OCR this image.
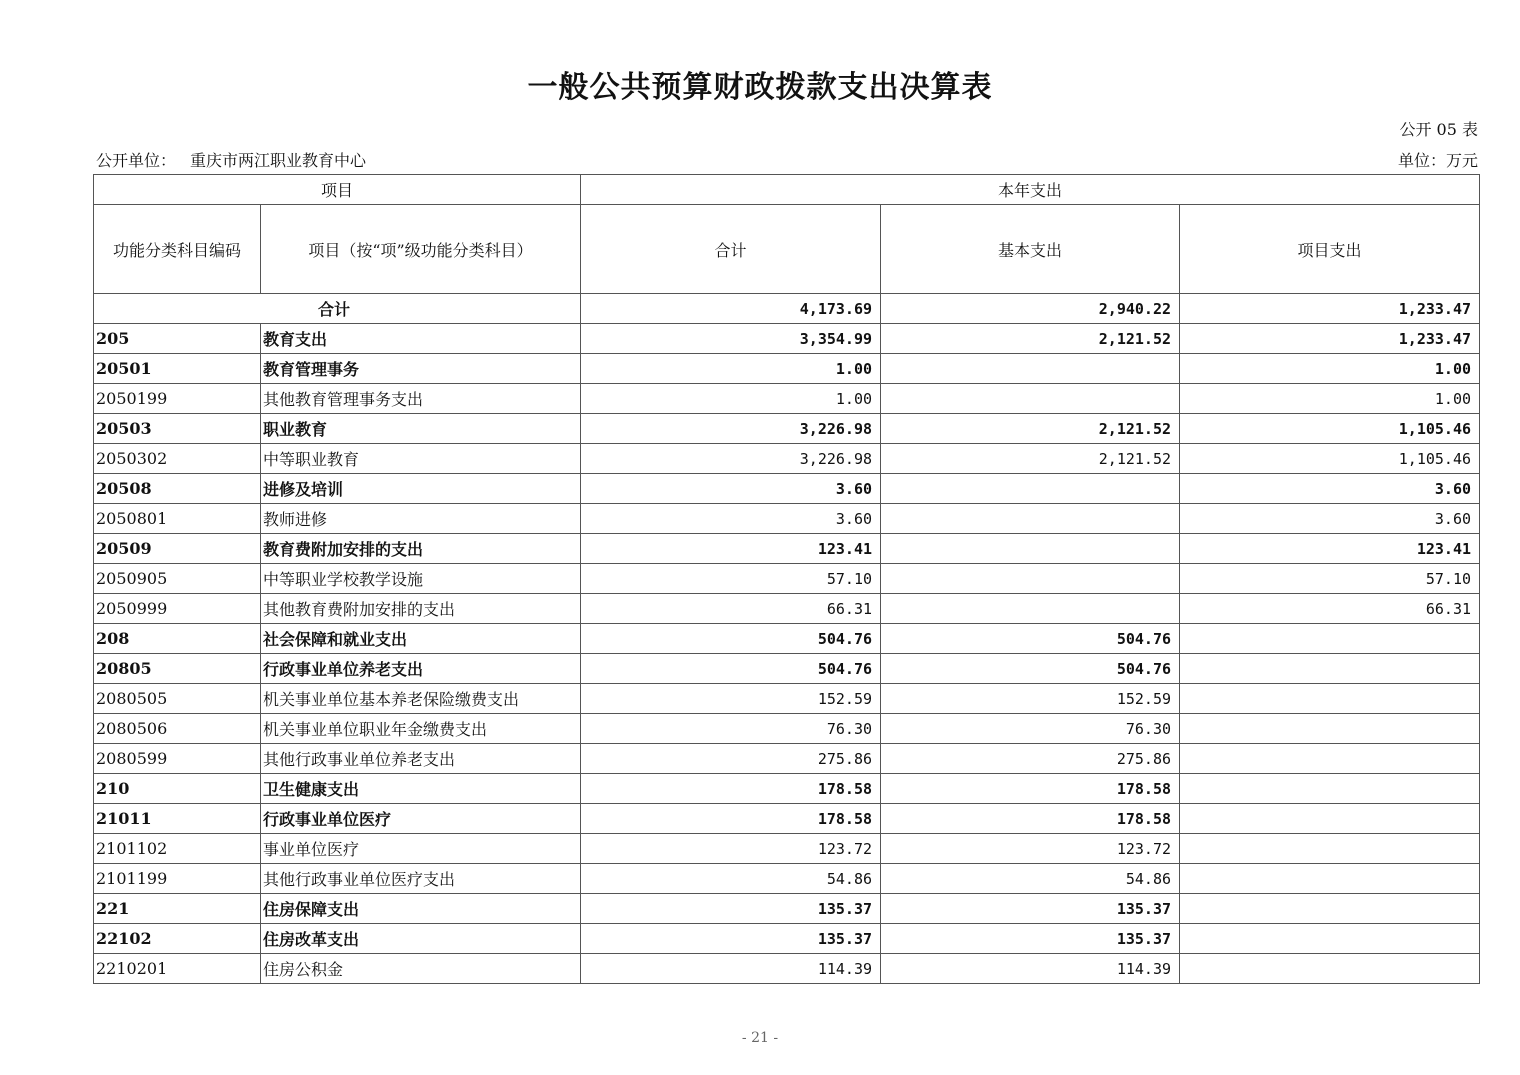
一般公共预算财政拨款支出决算表
公开 05 表
公开单位： 重庆市两江职业教育中心	单位：万元
项目		本年支出		
功能分类科目编码	项目（按“项”级功能分类科目）	合计	基本支出	项目支出
合计		4,173.69	2,940.22	1,233.47
205	教育支出	3,354.99	2,121.52	1,233.47
20501	教育管理事务	1.00		1.00
2050199	其他教育管理事务支出	1.00		1.00
20503	职业教育	3,226.98	2,121.52	1,105.46
2050302	中等职业教育	3,226.98	2,121.52	1,105.46
20508	进修及培训	3.60		3.60
2050801	教师进修	3.60		3.60
20509	教育费附加安排的支出	123.41		123.41
2050905	中等职业学校教学设施	57.10		57.10
2050999	其他教育费附加安排的支出	66.31		66.31
208	社会保障和就业支出	504.76	504.76	
20805	行政事业单位养老支出	504.76	504.76	
2080505	机关事业单位基本养老保险缴费支出	152.59	152.59	
2080506	机关事业单位职业年金缴费支出	76.30	76.30	
2080599	其他行政事业单位养老支出	275.86	275.86	
210	卫生健康支出	178.58	178.58	
21011	行政事业单位医疗	178.58	178.58	
2101102	事业单位医疗	123.72	123.72	
2101199	其他行政事业单位医疗支出	54.86	54.86	
221	住房保障支出	135.37	135.37	
22102	住房改革支出	135.37	135.37	
2210201	住房公积金	114.39	114.39	
- 21 -
